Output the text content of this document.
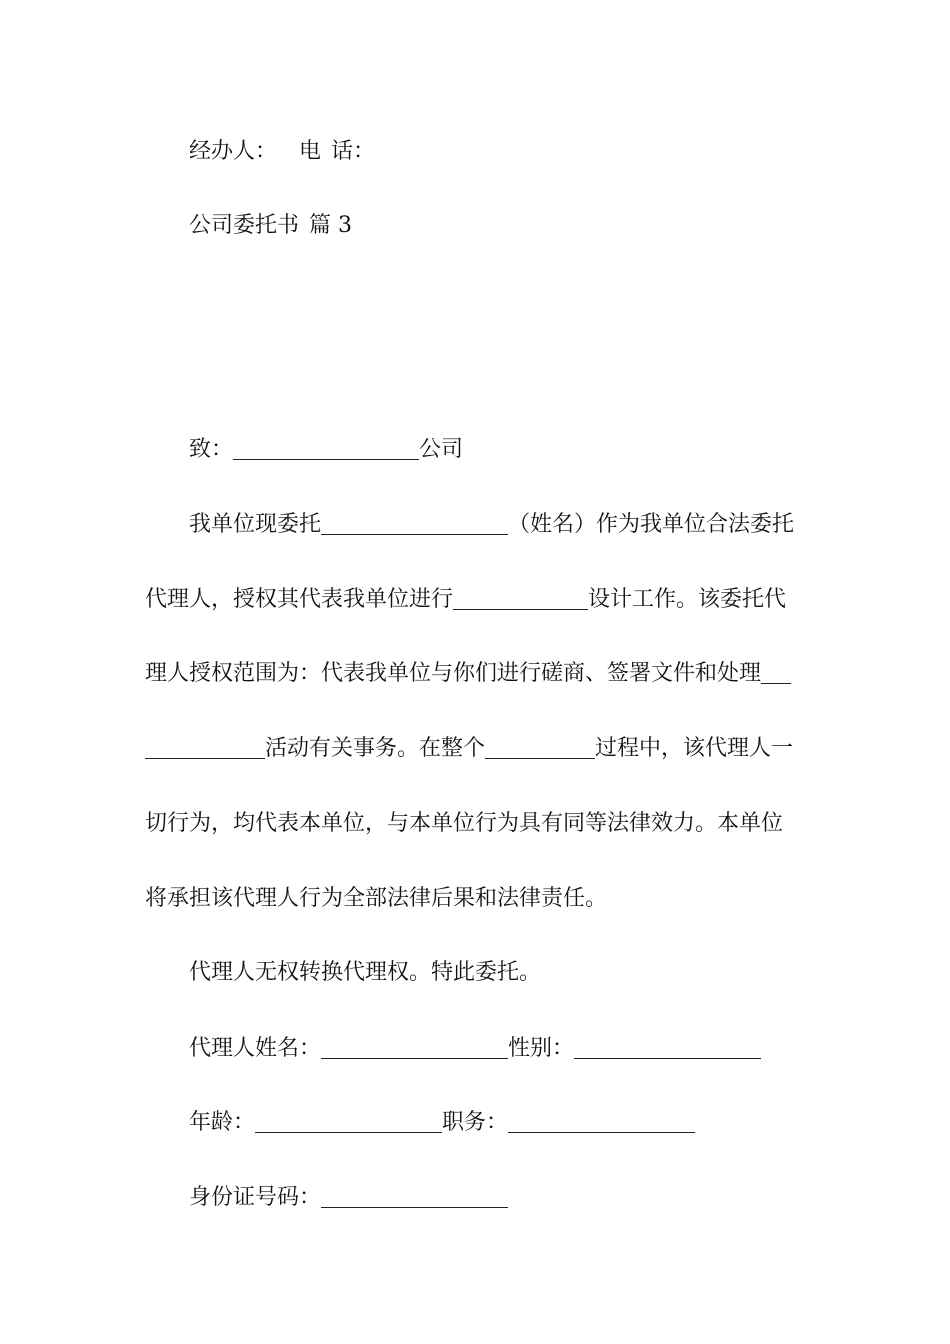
经办人： 电 话：
公司委托书 篇 3
致：	公司
我单位现委托	（姓名）作为我单位合法委托
代理人，授权其代表我单位进行	设计工作。该委托代
理人授权范围为：代表我单位与你们进行磋商、签署文件和处理
活动有关事务。在整个	过程中，该代理人一
切行为，均代表本单位，与本单位行为具有同等法律效力。本单位
将承担该代理人行为全部法律后果和法律责任。
代理人无权转换代理权。特此委托。
代理人姓名：	性别：
年龄：	职务：
身份证号码：
